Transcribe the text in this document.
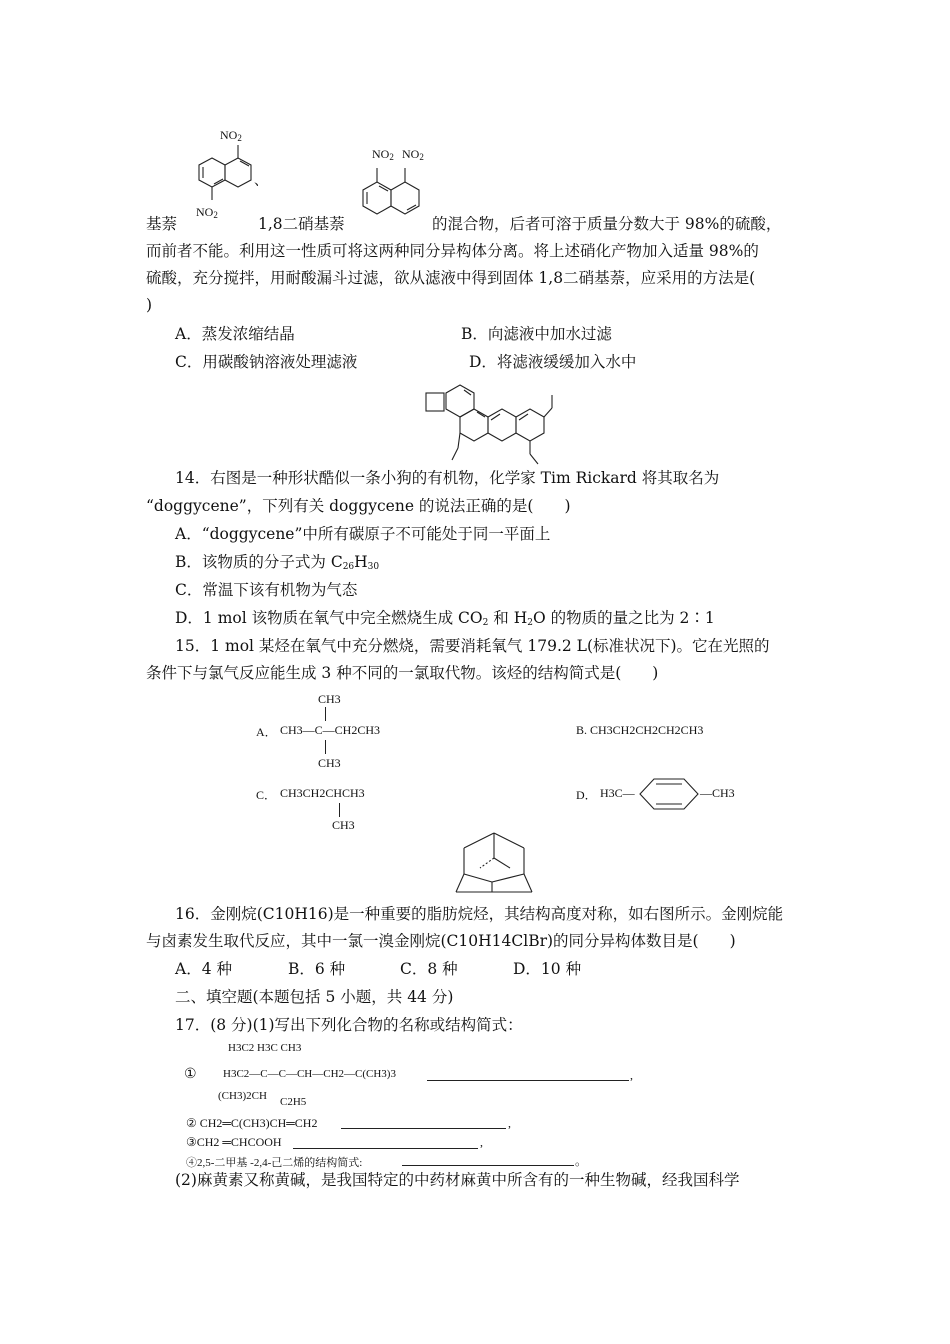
$NO_2$
$NO_2$
、
$NO_2$ $NO_2$
基萘	1,8二硝基萘	的混合物，后者可溶于质量分数大于 98%的硫酸，
而前者不能。利用这一性质可将这两种同分异构体分离。将上述硝化产物加入适量 98%的
硫酸，充分搅拌，用耐酸漏斗过滤，欲从滤液中得到固体 1,8二硝基萘，应采用的方法是(
)
A．蒸发浓缩结晶	B．向滤液中加水过滤
C．用碳酸钠溶液处理滤液	D．将滤液缓缓加入水中
14．右图是一种形状酷似一条小狗的有机物，化学家 Tim Rickard 将其取名为
“doggycene”，下列有关 doggycene 的说法正确的是(　　)
A．“doggycene”中所有碳原子不可能处于同一平面上
B．该物质的分子式为 $C_{26}H_{30}$
C．常温下该有机物为气态
D．1 mol 该物质在氧气中完全燃烧生成 $CO_2$ 和 $H_2O$ 的物质的量之比为 2∶1
15．1 mol 某烃在氧气中充分燃烧，需要消耗氧气 179.2 L(标准状况下)。它在光照的
条件下与氯气反应能生成 3 种不同的一氯取代物。该烃的结构简式是(　　)
CH3
A． CH3—C—CH2CH3
CH3
B. CH3CH2CH2CH2CH3
C． CH3CH2CHCH3
CH3
D． H3C—	—CH3
16．金刚烷(C10H16)是一种重要的脂肪烷烃，其结构高度对称，如右图所示。金刚烷能
与卤素发生取代反应，其中一氯一溴金刚烷(C10H14ClBr)的同分异构体数目是(　　)
A．4 种	B．6 种	C．8 种	D．10 种
二、填空题(本题包括 5 小题，共 44 分)
17．(8 分)(1)写出下列化合物的名称或结构简式：
H3C2 H3C CH3
① H3C2—C—C—CH—CH2—C(CH3)3
(CH3)2CH C2H5
,
② CH2═C(CH3)CH═CH2	,
③CH2 ═CHCOOH	,
④2,5-二甲基 -2,4-己二烯的结构简式:	。
(2)麻黄素又称黄碱，是我国特定的中药材麻黄中所含有的一种生物碱，经我国科学
